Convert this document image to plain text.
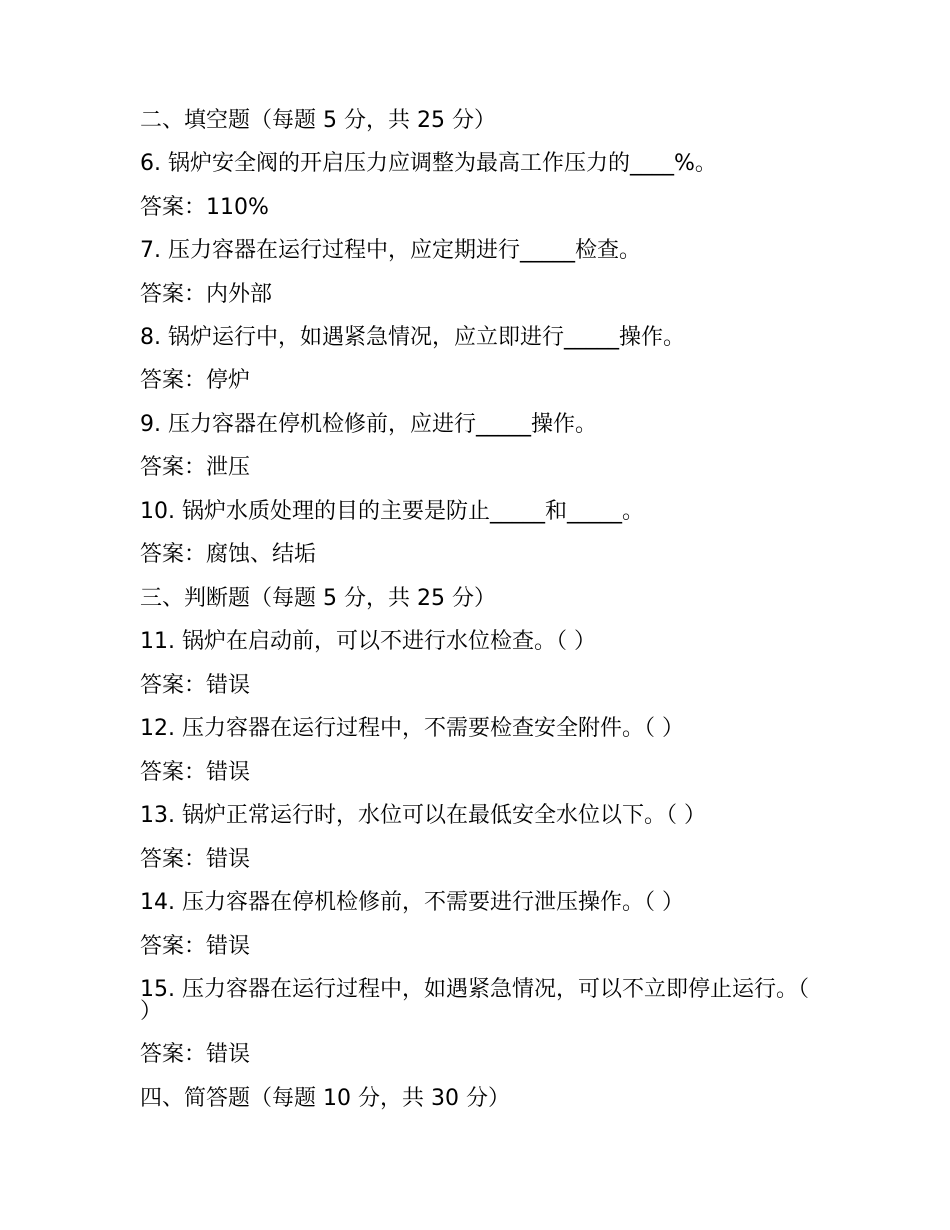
二、填空题（每题 5 分，共 25 分）
6. 锅炉安全阀的开启压力应调整为最高工作压力的____%。
答案：110%
7. 压力容器在运行过程中，应定期进行_____检查。
答案：内外部
8. 锅炉运行中，如遇紧急情况，应立即进行_____操作。
答案：停炉
9. 压力容器在停机检修前，应进行_____操作。
答案：泄压
10. 锅炉水质处理的目的主要是防止_____和_____。
答案：腐蚀、结垢
三、判断题（每题 5 分，共 25 分）
11. 锅炉在启动前，可以不进行水位检查。（ ）
答案：错误
12. 压力容器在运行过程中，不需要检查安全附件。（ ）
答案：错误
13. 锅炉正常运行时，水位可以在最低安全水位以下。（ ）
答案：错误
14. 压力容器在停机检修前，不需要进行泄压操作。（ ）
答案：错误
15. 压力容器在运行过程中，如遇紧急情况，可以不立即停止运行。（ ）
答案：错误
四、简答题（每题 10 分，共 30 分）
